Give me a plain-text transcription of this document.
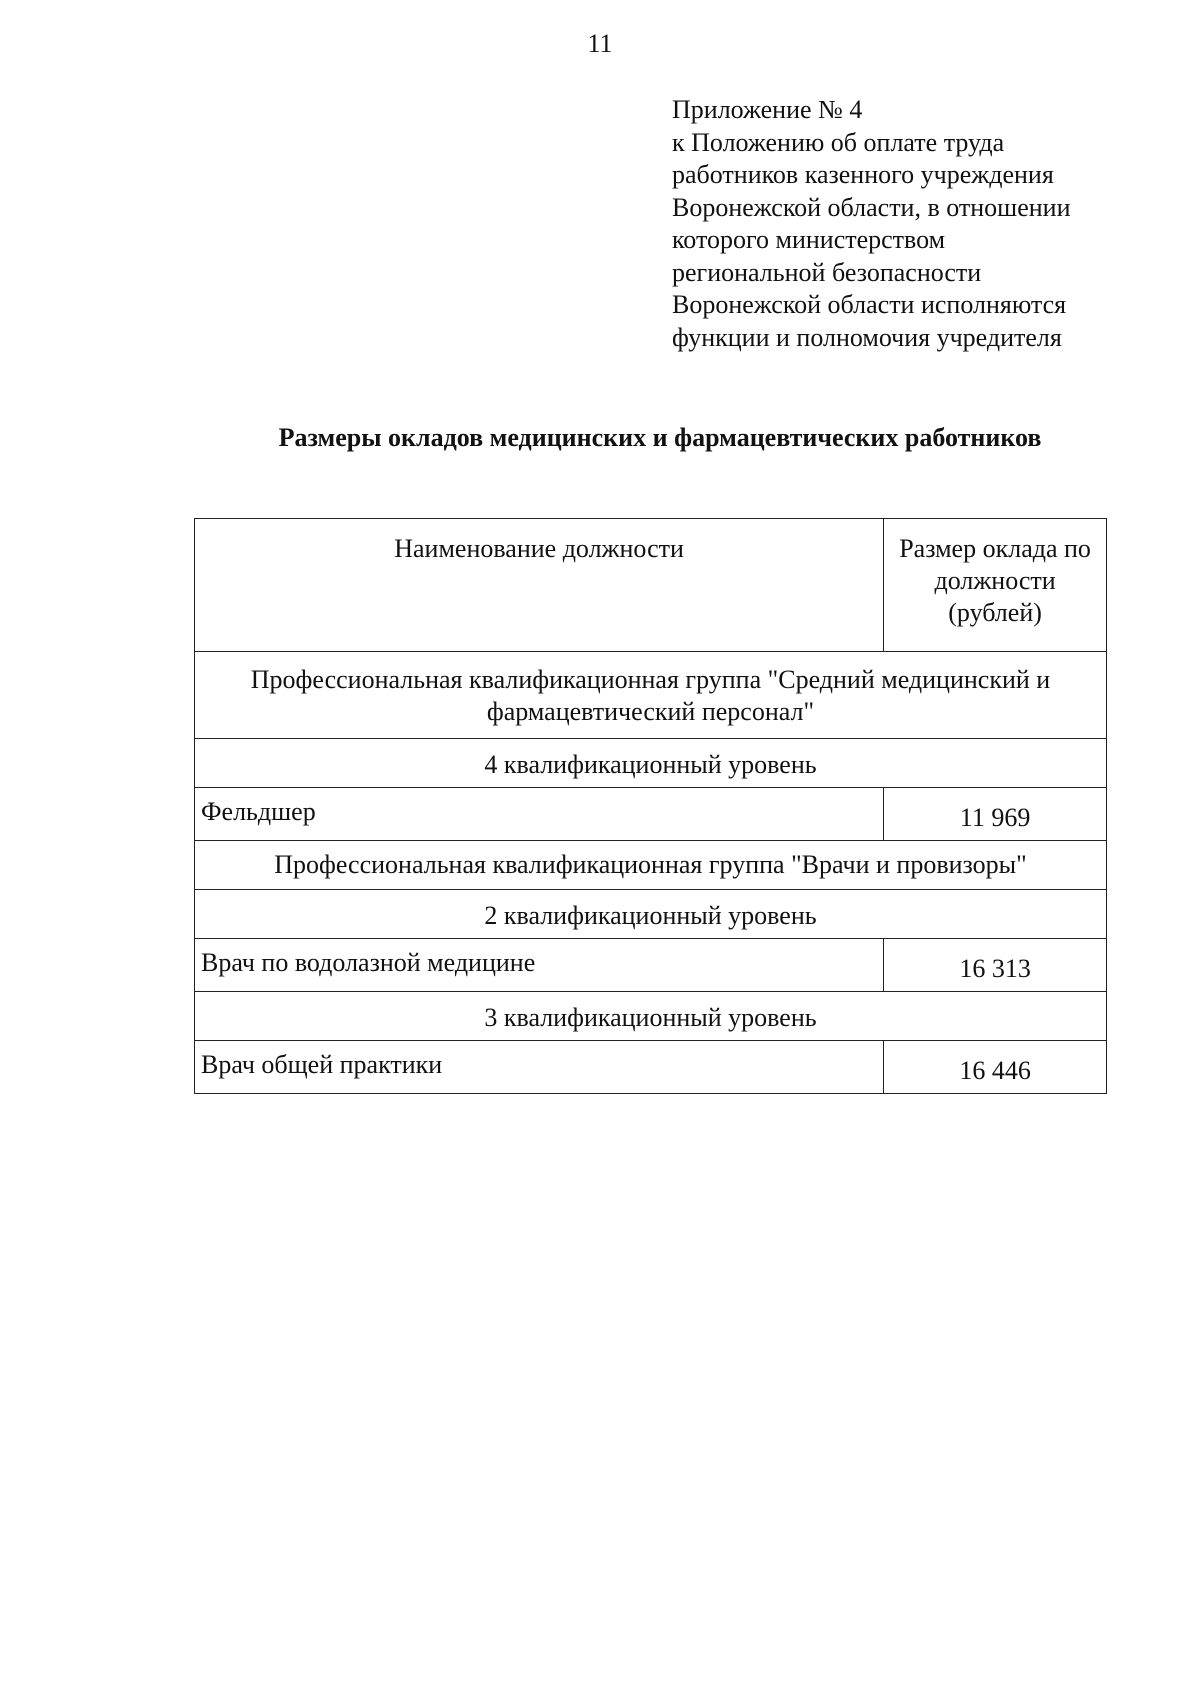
11
Приложение № 4
к Положению об оплате труда
работников казенного учреждения
Воронежской области, в отношении
которого министерством
региональной безопасности
Воронежской области исполняются
функции и полномочия учредителя
Размеры окладов медицинских и фармацевтических работников
Наименование должности	Размер оклада по
должности
(рублей)

Профессиональная квалификационная группа "Средний медицинский и
фармацевтический персонал"	

4 квалификационный уровень	
Фельдшер	11 969
Профессиональная квалификационная группа "Врачи и провизоры"	
2 квалификационный уровень	
Врач по водолазной медицине	16 313
3 квалификационный уровень	
Врач общей практики	16 446
